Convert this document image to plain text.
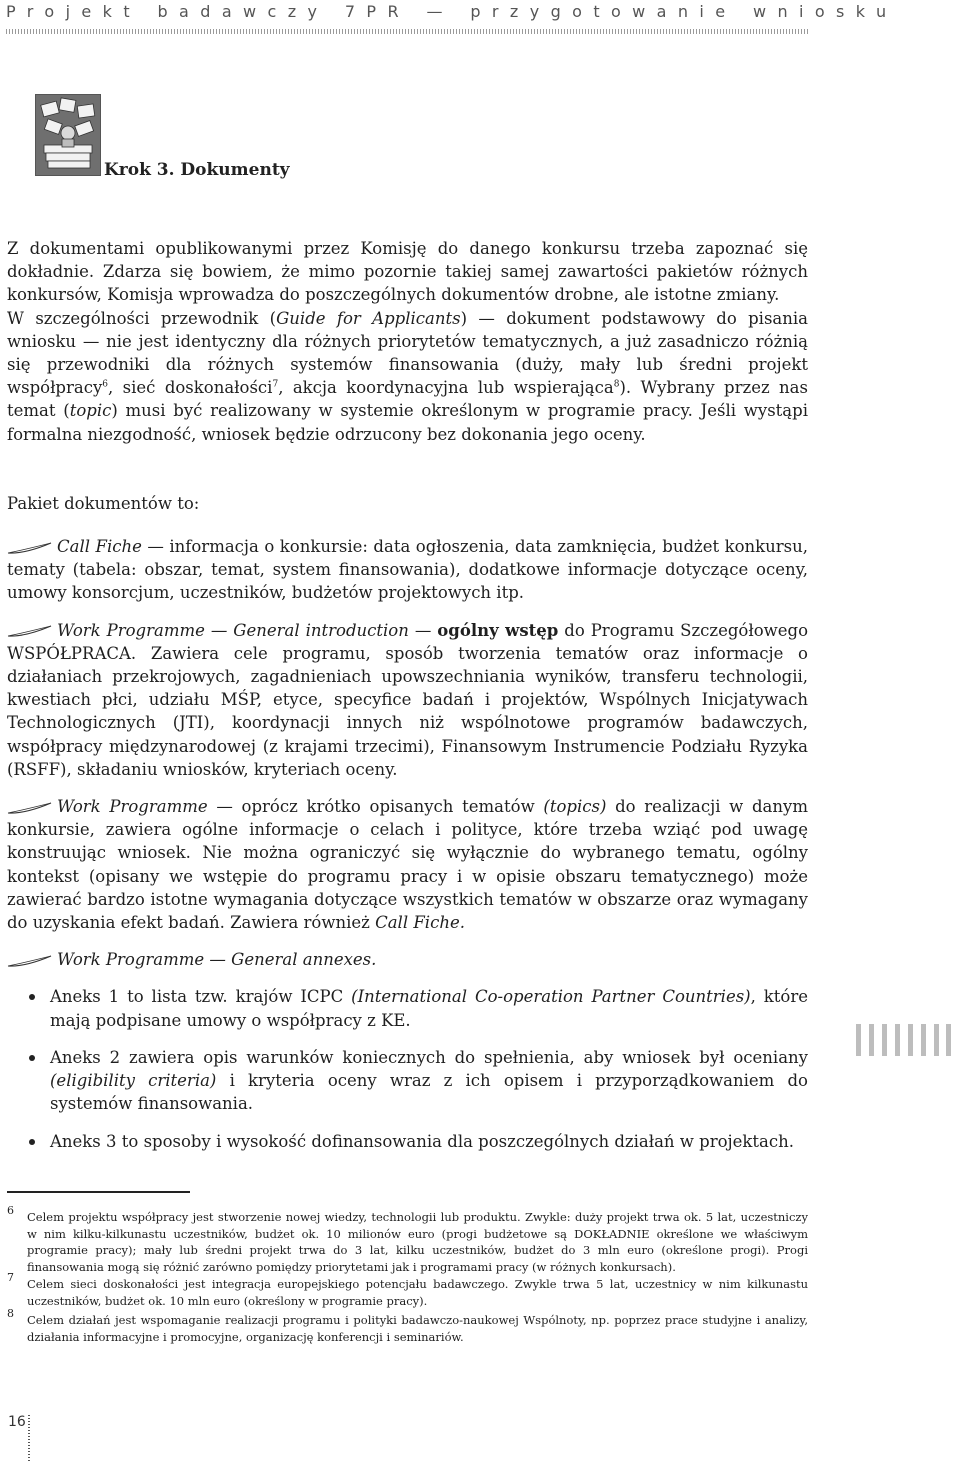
Projekt badawczy 7PR — przygotowanie wniosku
Krok 3. Dokumenty

Z dokumentami opublikowanymi przez Komisję do danego konkursu trzeba zapoznać się dokładnie. Zdarza się bowiem, że mimo pozornie takiej samej zawartości pakietów różnych konkursów, Komisja wprowadza do poszczególnych dokumentów drobne, ale istotne zmiany.

W szczególności przewodnik (Guide for Applicants) — dokument podstawowy do pisania wniosku — nie jest identyczny dla różnych priorytetów tematycznych, a już zasadniczo różnią się przewodniki dla różnych systemów finansowania (duży, mały lub średni projekt współpracy$^6$, sieć doskonałości$^7$, akcja koordynacyjna lub wspierająca$^8$). Wybrany przez nas temat (topic) musi być realizowany w systemie określonym w programie pracy. Jeśli wystąpi formalna niezgodność, wniosek będzie odrzucony bez dokonania jego oceny.

Pakiet dokumentów to:

Call Fiche — informacja o konkursie: data ogłoszenia, data zamknięcia, budżet konkursu, tematy (tabela: obszar, temat, system finansowania), dodatkowe informacje dotyczące oceny, umowy konsorcjum, uczestników, budżetów projektowych itp.

Work Programme — General introduction — ogólny wstęp do Programu Szczegółowego WSPÓŁPRACA. Zawiera cele programu, sposób tworzenia tematów oraz informacje o działaniach przekrojowych, zagadnieniach upowszechniania wyników, transferu technologii, kwestiach płci, udziału MŚP, etyce, specyfice badań i projektów, Wspólnych Inicjatywach Technologicznych (JTI), koordynacji innych niż wspólnotowe programów badawczych, współpracy międzynarodowej (z krajami trzecimi), Finansowym Instrumencie Podziału Ryzyka (RSFF), składaniu wniosków, kryteriach oceny.

Work Programme — oprócz krótko opisanych tematów (topics) do realizacji w danym konkursie, zawiera ogólne informacje o celach i polityce, które trzeba wziąć pod uwagę konstruując wniosek. Nie można ograniczyć się wyłącznie do wybranego tematu, ogólny kontekst (opisany we wstępie do programu pracy i w opisie obszaru tematycznego) może zawierać bardzo istotne wymagania dotyczące wszystkich tematów w obszarze oraz wymagany do uzyskania efekt badań. Zawiera również Call Fiche.

Work Programme — General annexes.

Aneks 1 to lista tzw. krajów ICPC (International Co-operation Partner Countries), które mają podpisane umowy o współpracy z KE.
Aneks 2 zawiera opis warunków koniecznych do spełnienia, aby wniosek był oceniany (eligibility criteria) i kryteria oceny wraz z ich opisem i przyporządkowaniem do systemów finansowania.
Aneks 3 to sposoby i wysokość dofinansowania dla poszczególnych działań w projektach.
6 Celem projektu współpracy jest stworzenie nowej wiedzy, technologii lub produktu. Zwykle: duży projekt trwa ok. 5 lat, uczestniczy w nim kilku-kilkunastu uczestników, budżet ok. 10 milionów euro (progi budżetowe są DOKŁADNIE określone we właściwym programie pracy); mały lub średni projekt trwa do 3 lat, kilku uczestników, budżet do 3 mln euro (określone progi). Progi finansowania mogą się różnić zarówno pomiędzy priorytetami jak i programami pracy (w różnych konkursach).
7 Celem sieci doskonałości jest integracja europejskiego potencjału badawczego. Zwykle trwa 5 lat, uczestnicy w nim kilkunastu uczestników, budżet ok. 10 mln euro (określony w programie pracy).
8 Celem działań jest wspomaganie realizacji programu i polityki badawczo-naukowej Wspólnoty, np. poprzez prace studyjne i analizy, działania informacyjne i promocyjne, organizację konferencji i seminariów.
16
